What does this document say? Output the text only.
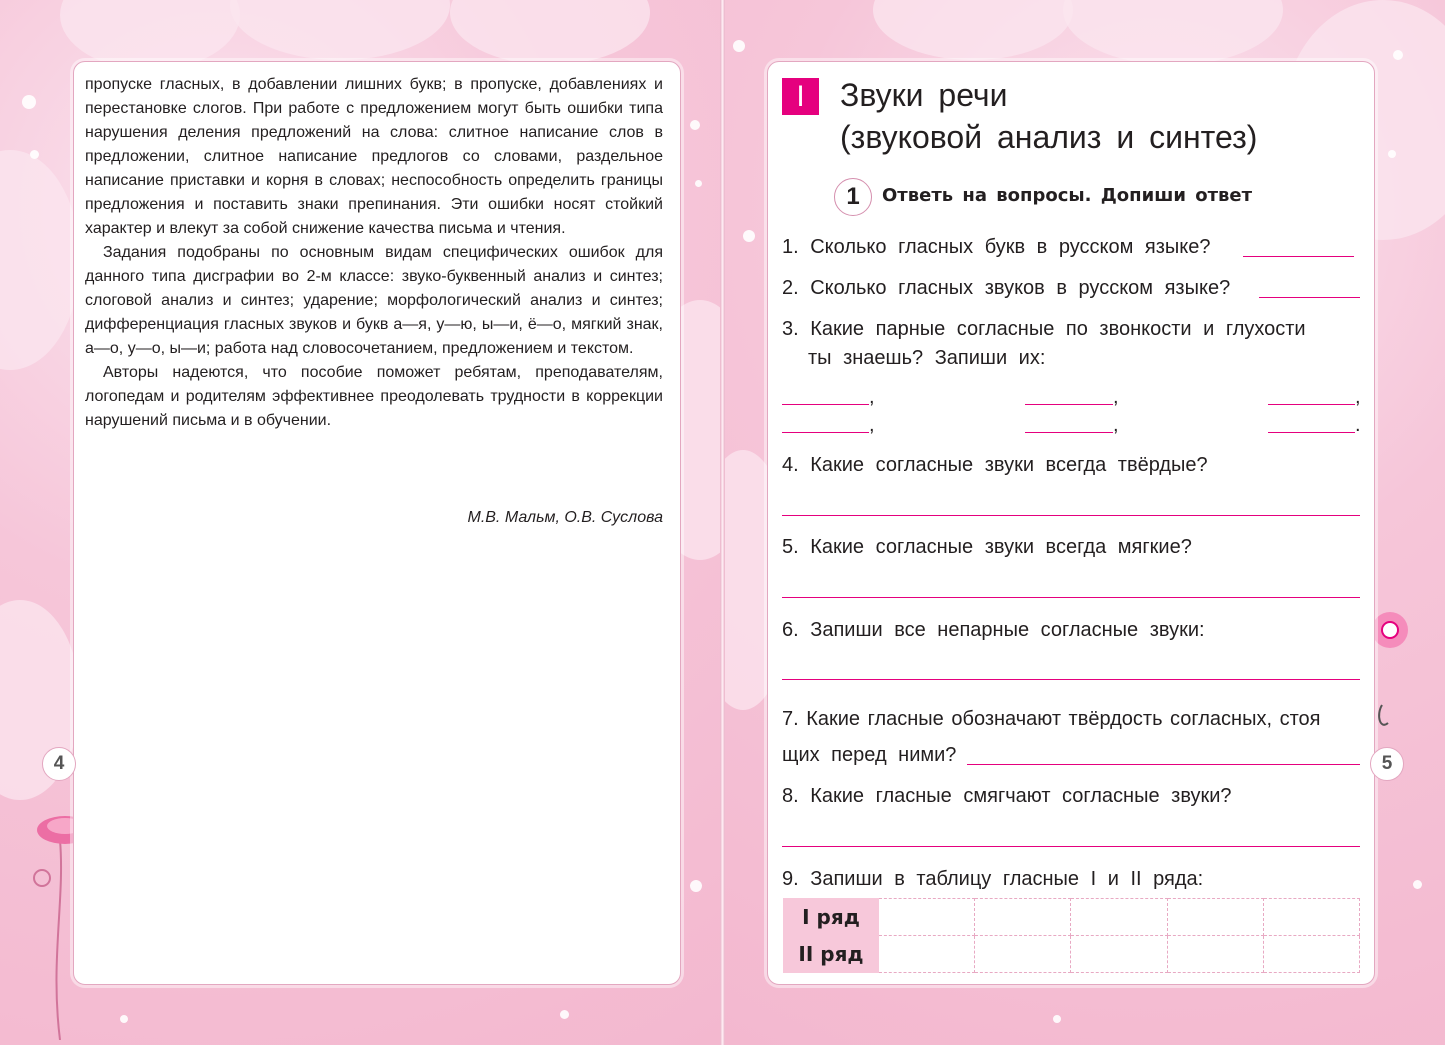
4	5

пропуске гласных, в добавлении лишних букв; в пропуске, добавлениях и перестановке слогов. При работе с предложением могут быть ошибки типа нарушения деления предложений на слова: слитное написание слов в предложении, слитное написание предлогов со словами, раздельное написание приставки и корня в словах; неспособность определить границы предложения и поставить знаки препинания. Эти ошибки носят стойкий характер и влекут за собой снижение качества письма и чтения.

Задания подобраны по основным видам специфических ошибок для данного типа дисграфии во 2-м классе: звуко-буквенный анализ и синтез; слоговой анализ и синтез; ударение; морфологический анализ и синтез; дифференциация гласных звуков и букв а—я, у—ю, ы—и, ё—о, мягкий знак, а—о, у—о, ы—и; работа над словосочетанием, предложением и текстом.

Авторы надеются, что пособие поможет ребятам, преподавателям, логопедам и родителям эффективнее преодолевать трудности в коррекции нарушений письма и в обучении.

М.В. Мальм, О.В. Суслова
I	Звуки речи
(звуковой анализ и синтез)
1	Ответь на вопросы. Допиши ответ
1. Сколько гласных букв в русском языке?
2. Сколько гласных звуков в русском языке?
3. Какие парные согласные по звонкости и глухости
ты знаешь? Запиши их:
,	,	,
,	,	.
4. Какие согласные звуки всегда твёрдые?
5. Какие согласные звуки всегда мягкие?
6. Запиши все непарные согласные звуки:
7. Какие гласные обозначают твёрдость согласных, стоя
щих перед ними?
8. Какие гласные смягчают согласные звуки?
9. Запиши в таблицу гласные I и II ряда:
I ряд					
II ряд					
